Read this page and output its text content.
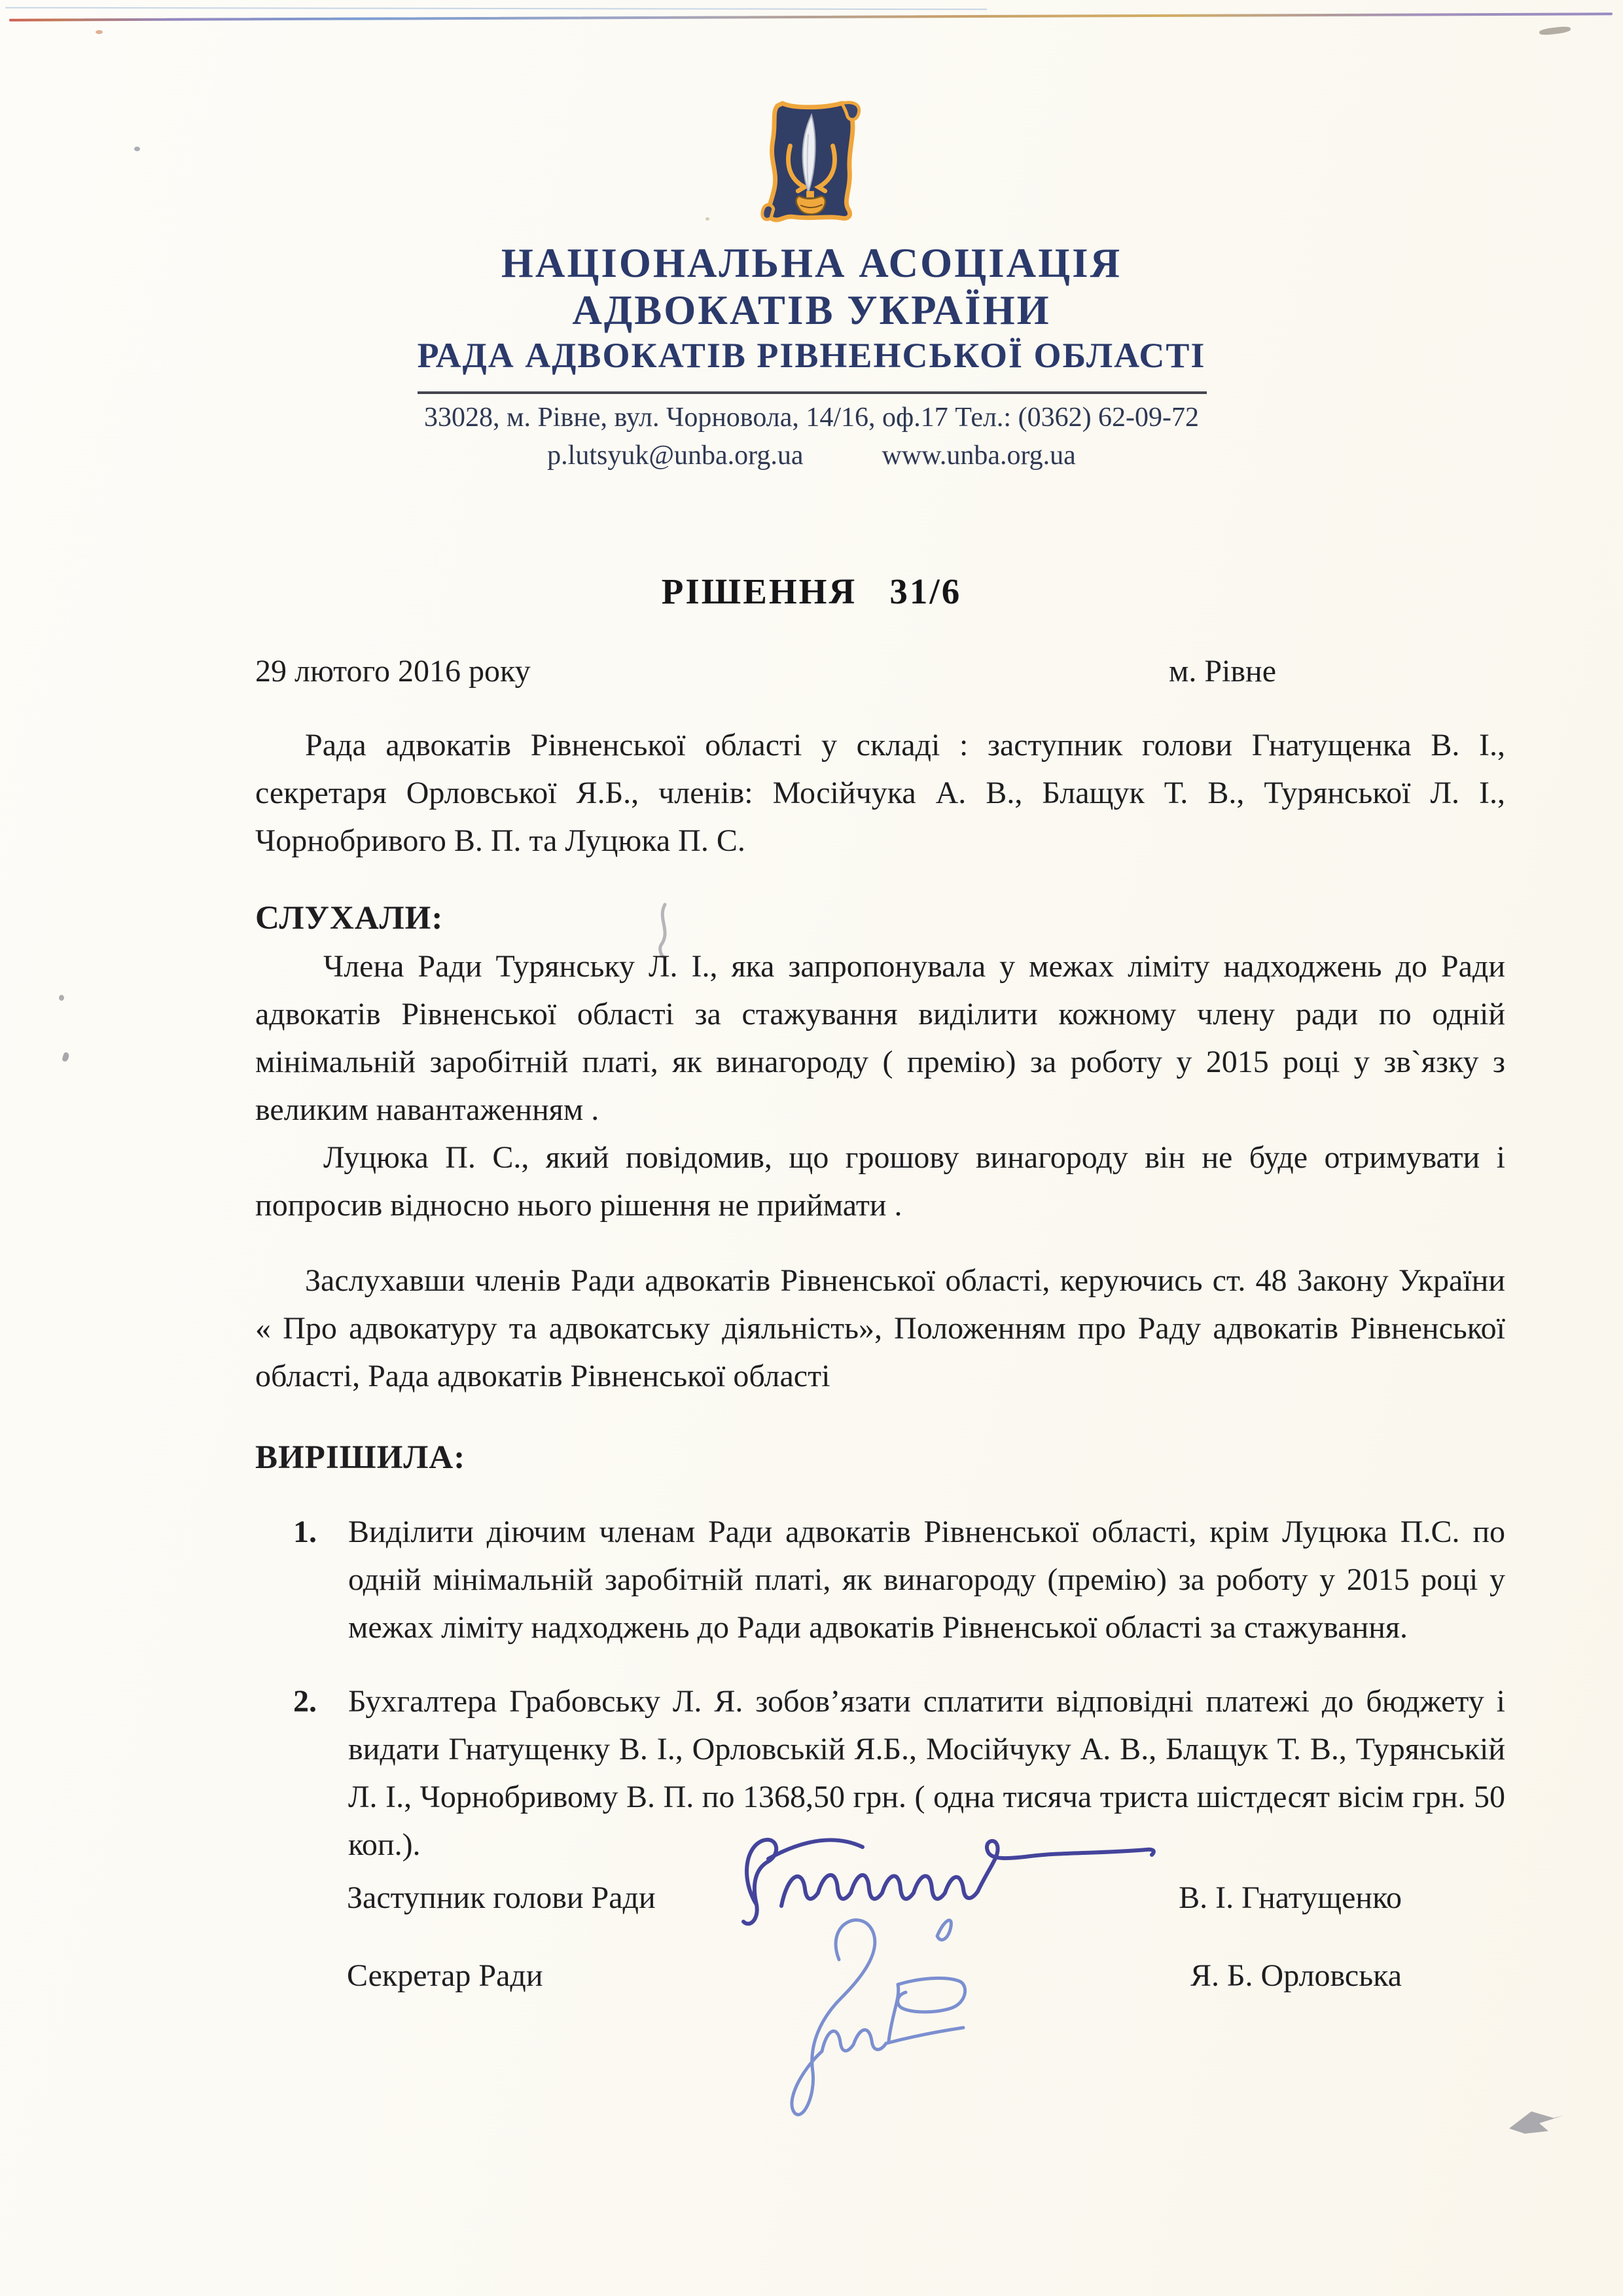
НАЦІОНАЛЬНА АСОЦІАЦІЯ
АДВОКАТІВ УКРАЇНИ
РАДА АДВОКАТІВ РІВНЕНСЬКОЇ ОБЛАСТІ
33028, м. Рівне, вул. Чорновола, 14/16, оф.17 Тел.: (0362) 62-09-72
p.lutsyuk@unba.org.ua	www.unba.org.ua
РІШЕННЯ   31/6
29 лютого 2016 року	м. Рівне

Рада адвокатів Рівненської області у складі : заступник голови Гнатущенка В. І., секретаря Орловської Я.Б., членів: Мосійчука А. В., Блащук Т. В., Турянської Л. І., Чорнобривого В. П. та Луцюка П. С.

СЛУХАЛИ:

Члена Ради Турянську Л. І., яка запропонувала у межах ліміту надходжень до Ради адвокатів Рівненської області за стажування виділити кожному члену ради по одній мінімальній заробітній платі, як винагороду ( премію) за роботу у 2015 році у зв`язку з великим навантаженням .

Луцюка П. С., який повідомив, що грошову винагороду він не буде отримувати і попросив відносно нього рішення не приймати .

Заслухавши членів Ради адвокатів Рівненської області, керуючись ст. 48 Закону України « Про адвокатуру та адвокатську діяльність», Положенням про Раду адвокатів Рівненської області, Рада адвокатів Рівненської області

ВИРІШИЛА:

1.	Виділити діючим членам Ради адвокатів Рівненської області, крім Луцюка П.С. по одній мінімальній заробітній платі, як винагороду (премію) за роботу у 2015 році у межах ліміту надходжень до Ради адвокатів Рівненської області за стажування.
2.	Бухгалтера Грабовську Л. Я. зобов’язати сплатити відповідні платежі до бюджету і видати Гнатущенку В. І., Орловській Я.Б., Мосійчуку А. В., Блащук Т. В., Турянській Л. І., Чорнобривому В. П. по 1368,50 грн. ( одна тисяча триста шістдесят вісім грн. 50 коп.).
Заступник голови Ради	В. І. Гнатущенко
Секретар Ради	Я. Б. Орловська
